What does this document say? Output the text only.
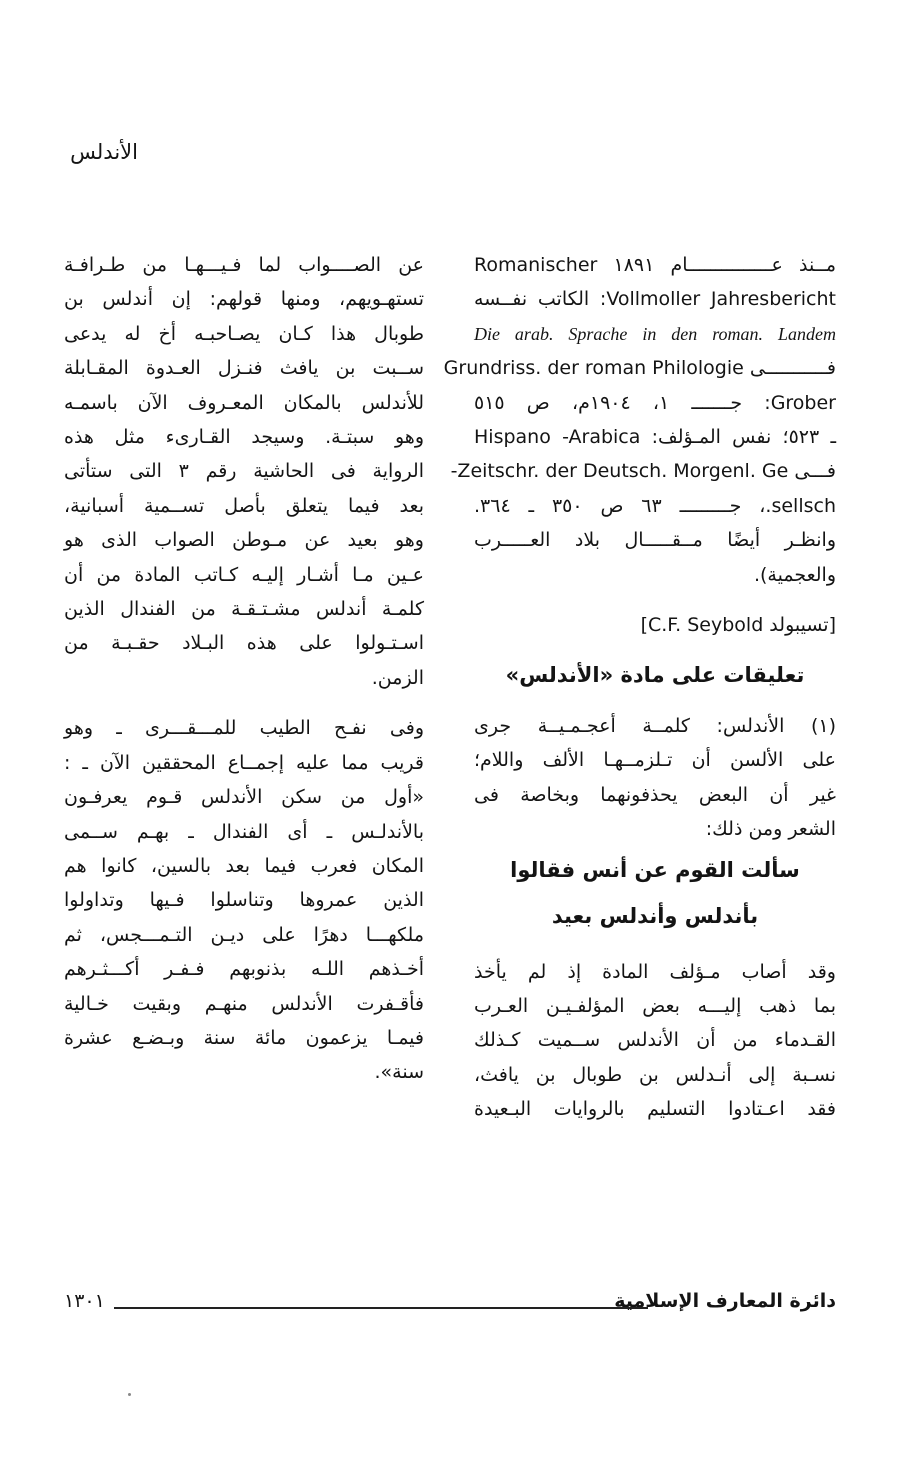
الأندلس

مــنذ عـــــــــــــــام ١٨٩١ Romanischer
Vollmoller Jahresbericht: الكاتب نفــسه
Die arab. Sprache in den roman. Landem
فـــــــــــى Grundriss. der roman Philologie
Grober: جـــــــ ١، ١٩٠٤م، ص ٥١٥
ـ ٥٢٣؛ نفس المـؤلف: Hispano -Arabica
فـــى Zeitschr. der Deutsch. Morgenl. Ge-
sellsch.، جـــــــــ ٦٣ ص ٣٥٠ ـ ٣٦٤.
وانظـر أيضًا مــقـــــال بلاد العـــــرب
والعجمية).

[تسيبولد C.F. Seybold]

تعليقات على مادة «الأندلس»

(١) الأندلس: كلمــة أعجـمـيــة جرى
على الألسن أن تـلزمــهـا الألف واللام؛
غير أن البعض يحذفونهما وبخاصة فى
الشعر ومن ذلك:

سألت القوم عن أنس فقالوا
بأندلس وأندلس بعيد

وقد أصاب مـؤلف المادة إذ لم يأخذ
بما ذهب إليـــه بعض المؤلفـيـن العـرب
القـدماء من أن الأندلس ســميت كـذلك
نسـبة إلى أنـدلس بن طوبال بن يافث،
فقد اعـتادوا التسليم بالروايات البـعيدة

عن الصــــواب لما فـيـــهـا من طـرافـة
تستهـويهم، ومنها قولهم: إن أندلس بن
طوبال هذا كـان يصـاحبـه أخ له يدعى
ســبت بن يافث فنـزل العـدوة المقـابلة
للأندلس بالمكان المعـروف الآن باسمـه
وهو سبتـة. وسيجد القـارىء مثل هذه
الرواية فى الحاشية رقم ٣ التى ستأتى
بعد فيما يتعلق بأصل تســمية أسبانية،
وهو بعيد عن مـوطن الصواب الذى هو
عـين مـا أشـار إليـه كـاتب المادة من أن
كلمـة أندلس مشـتـقـة من الفندال الذين
اسـتـولوا على هذه البـلاد حقـبـة من
الزمن.

وفى نفـح الطيب للمـــقـــرى ـ وهو
قريب مما عليه إجمــاع المحققين الآن ـ :
«أول من سكن الأندلس قـوم يعرفـون
بالأندلـس ـ أى الفندال ـ بهـم ســمى
المكان فعرب فيما بعد بالسين، كانوا هم
الذين عمروها وتناسلوا فـيها وتداولوا
ملكهـــا دهرًا على ديـن التـمـــجس، ثم
أخـذهم اللـه بذنوبهم فـفـر أكـــثـرهم
فأقـفرت الأندلس منهـم وبقيت خـالية
فيمـا يزعمون مائة سنة وبـضـع عشرة
سنة».

دائرة المعارف الإسلامية
١٣٠١
